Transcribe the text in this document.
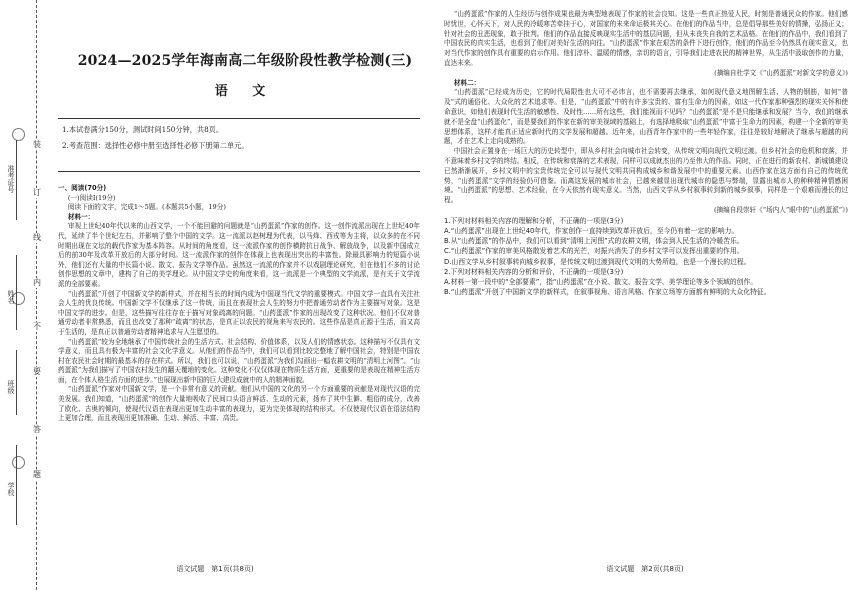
准考证号
姓名
班级
学校
装
订
线
内
不
要
答
题
2024—2025学年海南高二年级阶段性教学检测(三)
语 文

1.本试卷满分150分，测试时间150分钟，共8页。

2.考查范围：选择性必修中册至选择性必修下册第二单元。

一、阅读(70分)

(一)阅读Ⅰ(19分)

阅读下面的文字，完成1～5题。(本题共5小题，19分)

材料一：

审视上世纪40年代以来的山西文学，一个不能回避的问题就是“山药蛋派”作家的创作。这一创作流派出现在上世纪40年代，延续了半个世纪左右，并影响了整个中国的文学。这一流派以赵树理为代表，以马烽、西戎等为主将，以众多的在不同时期出现在文坛的载代作家为基本阵容。从时间的角度看，这一流派作家的创作横跨抗日战争、解放战争，以及新中国成立后的前30年及改革开放后的大部分时间。这一流派作家的创作在体裁上也表现出突出的丰富性。除最具影响力的短篇小说外，他们还有大量的中长篇小说、散文、报告文学等作品。虽然这一流派的作家并不以戏剧理论研究，但在他们不多的讨论创作思想的文章中，建构了自己的美学理论。从中国文学史的角度来看，这一流派是一个典型的文学流派，是有关于文学流派的全部要素。

“山药蛋派”开创了中国新文学的新样式，并在相当长的时间内成为中国现当代文学的重要模式。中国文学一直具有关注社会人生的优良传统。中国新文学不仅继承了这一传统，而且在表现社会人生的努力中把普通劳动者作为主要描写对象。这是中国文学的进步。但是，这些描写往往存在于描写对象疏离的问题。“山药蛋派”作家的出现改变了这种状况。他们不仅对普通劳动者非常熟悉，而且也改变了那种“疏离”的状态，是真正以农民的视角来写农民的。这些作品是真正源于生活，而又高于生活的，是真正以普通劳动者精神追求与人生愿望的。

“山药蛋派”较为全地继承了中国传统社会的生活方式、社会结构、价值体系，以及人们的情感状态。这种描写不仅具有文学意义，而且具有极为丰富的社会文化学意义。从他们的作品当中，我们可以看到比较完整地了解中国社会，特别是中国农村在农民社会时期的最基本的存在样式。所以，我们也可以说，“山药蛋派”为我们勾画出一幅农耕文明的“清明上河图”。“山药蛋派”为我们描写了中国农村发生的翻天覆地的变化。这种变化不仅仅体现在物质生活方面，更重要的是表现在精神生活方面，在个体人格生活方面的进步。”也展现出新中国的巨大建设成就中的人的精神面貌。

“山药蛋派”作家对中国新文学，是一个非常有意义的贡献。他们从中国的文化的另一个方面重要的贡献是对现代汉语的完美发展。我们知道，“山药蛋派”的创作大量地吸收了民间口头语言鲜活、生动的元素，扬弃了其中生僻、粗俗的成分，改善了欧化、古奥的倾向，使现代汉语在表现出更加生动丰富的表现力，更为完美体现的结构形式。不仅使现代汉语在语法结构上更加合理，而且表现出更加准确、生动、鲜活、丰富、高贵。

语文试题　第1页(共8页)

“山药蛋派”作家的人生经历与创作成果也最为典型地表现了作家的社会良知。这是一些真正热爱人民，时刻是普通民众的作家。他们感时忧世，心怀天下，对人民的冷暖寒苦牵挂于心，对国家的未来命运极其关心。在他们的作品当中，总是倡导那些美好的情操，弘扬正义；针对社会的丑恶现象，敢于批判。他们的作品直接反映现实生活中的基层问题，但从未丧失自我的艺术品格。在他们的作品中，我们看到了中国农民的真实生活，也看到了他们对美好生活的向往。“山药蛋派”作家在艰苦的条件下进行创作，他们的作品至今仍然具有现实意义，也对当代作家的创作具有重要的启示作用。他们淳朴、温暖的情感，亲切的语言，引导我们走进农民的精神世界，从生活中汲取创作的力量，直达未来。

(摘编自杜学文《“山药蛋派”对新文学的意义》)

材料二：

“山药蛋派”已经成为历史，它的时代局限性也大可不必讳言，也不需要再去继承，如何现代意义地图解生活、人物的钢筋，如何“普及”式的通俗化、大众化的艺术追求等。但是，“山药蛋派”中的有许多宝贵的、富有生命力的因素，如这一代作家那种强烈的现实关怀和使命意识，如他们表现时代生活的敏感性、及时性……所有这些，我们能视而不见吗？“山药蛋派”是不是只能继承和发展？当今，我们的继承就不是全盘“山药蛋化”，而是要我们的作家在新的审美视域的基础上，有选择地吸取“山药蛋派”中富于生命力的因素，构建一个全新的审美思想体系，这样才能真正适应新时代的文学发展和超越。近年来，山西青年作家中的一些年轻作家，往往是较好地解决了继承与超越的问题，才在艺术上走向成熟的。

中国社会正置身在一场巨大的历史转型中，即从乡村社会向城市社会转变，从传统文明向现代文明过渡。但乡村社会的危机和衰落，并不意味着乡村文学的终结。相反，在传统和衰落的艺术表现，同样可以成就杰出的乃至伟大的作品。同时，正在进行的新农村、新城镇建设已然渐渐展开，乡村文明中的宝贵传统完全可以与现代文明共同构成城乡和谐发展中中的重要元素。山西作家在这方面有自己的传统优势，“山药蛋派”文学的经验仍可借鉴。而离这发展的城市社会，已越来越显出现代城市的隐患与弊端，显露出城市人的种种精神情感困境。“山药蛋派”的思想、艺术经验，在今天依然有现实意义。当然，山西文学从乡村叙事转到新的城乡叙事，同样是一个艰难而漫长的过程。

(摘编自段崇轩《“场内人”眼中的“山药蛋派”》)

1.下列对材料相关内容的理解和分析，不正确的一项是(3分)

A.“山药蛋派”出现在上世纪40年代，作家创作一直持续到改革开放后，至今仍有着一定的影响力。

B.从“山药蛋派”的作品中，我们可以看到“清明上河图”式的农耕文明，体会到人民生活的冷暖苦乐。

C.“山药蛋派”作家的审美风格散发着艺术的光芒，对振兴消失了的乡村文学可以发挥出重要的作用。

D.山西文学从乡村叙事转向城乡叙事，是传统文明过渡到现代文明的大势所趋，也是一个漫长的过程。

2.下列对材料相关内容的分析和评价，不正确的一项是(3分)

A.材料一第一段中的“全部要素”，指“山药蛋派”在小说、散文、报告文学、美学理论等多个领域的创作。

B.“山药蛋派”开创了中国新文学的新样式，在叙事视角、语言风格、作家立场等方面都有鲜明的大众化特征。

语文试题　第2页(共8页)
